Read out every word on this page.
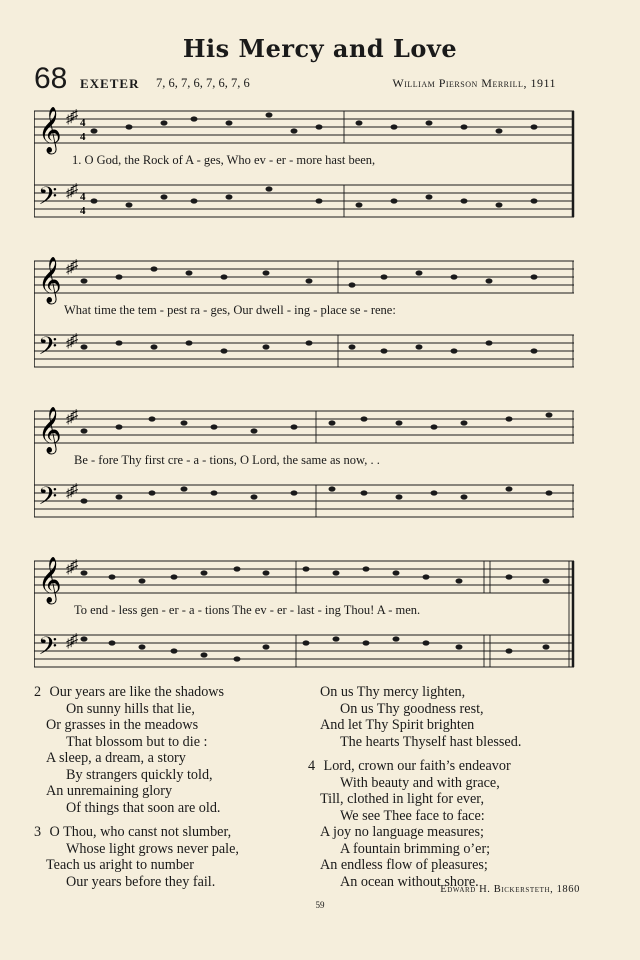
His Mercy and Love
68 EXETER 7, 6, 7, 6, 7, 6, 7, 6	William Pierson Merrill, 1911
𝄞
𝄢
♯
♯
♯
♯
4
4
4
4
1. O God, the Rock of A - ges, Who ev - er - more hast been,
𝄞
𝄢
♯
♯
♯
♯
What time the tem - pest ra - ges, Our dwell - ing - place se - rene:
𝄞
𝄢
♯
♯
♯
♯
Be - fore Thy first cre - a - tions, O Lord, the same as now, . .
𝄞
𝄢
♯
♯
♯
♯
To end - less gen - er - a - tions The ev - er - last - ing Thou! A - men.
2 Our years are like the shadows
On sunny hills that lie,
Or grasses in the meadows
That blossom but to die :
A sleep, a dream, a story
By strangers quickly told,
An unremaining glory
Of things that soon are old.
3 O Thou, who canst not slumber,
Whose light grows never pale,
Teach us aright to number
Our years before they fail.
On us Thy mercy lighten,
On us Thy goodness rest,
And let Thy Spirit brighten
The hearts Thyself hast blessed.
4 Lord, crown our faith’s endeavor
With beauty and with grace,
Till, clothed in light for ever,
We see Thee face to face:
A joy no language measures;
A fountain brimming o’er;
An endless flow of pleasures;
An ocean without shore.
Edward H. Bickersteth, 1860
59
